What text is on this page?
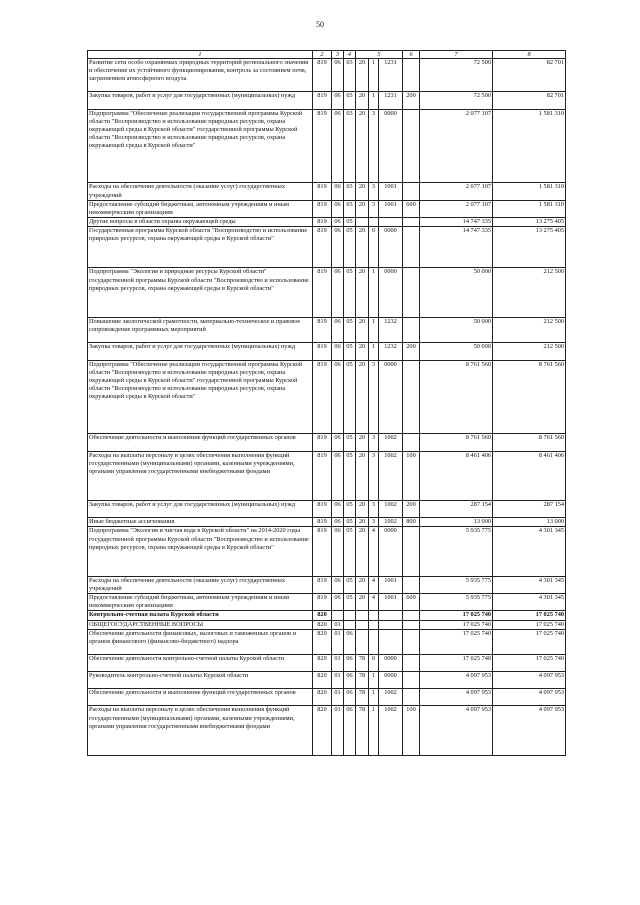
50
1	2	3	4	5			6	7	8
Развитие сети особо охраняемых природных территорий регионального значения и обеспечение их устойчивого функционирования, контроль за состоянием почв, загрязнением атмосферного воздуха	819	06	03	20	1	1231		72 500	82 701
Закупка товаров, работ и услуг для государственных (муниципальных) нужд	819	06	03	20	1	1231	200	72 500	82 701
Подпрограмма "Обеспечение реализации государственной программы Курской области "Воспроизводство и использование природных ресурсов, охрана окружающей среды в Курской области" государственной программы Курской области "Воспроизводство и использование природных ресурсов, охрана окружающей среды в Курской области"	819	06	03	20	3	0000		2 077 107	1 581 310
Расходы на обеспечение деятельности (оказание услуг) государственных учреждений	819	06	03	20	3	1001		2 077 107	1 581 310
Предоставление субсидий бюджетным, автономным учреждениям и иным некоммерческим организациям	819	06	03	20	3	1001	600	2 077 107	1 581 310
Другие вопросы в области охраны окружающей среды	819	06	05					14 747 335	13 275 405
Государственная программа Курской области "Воспроизводство и использование природных ресурсов, охрана окружающей среды в Курской области"	819	06	05	20	0	0000		14 747 335	13 275 405
Подпрограмма "Экология и природные ресурсы Курской области" государственной программы Курской области "Воспроизводство и использование природных ресурсов, охрана окружающей среды в Курской области"	819	06	05	20	1	0000		50 000	212 500
Повышение экологической грамотности, материально-техническое и правовое сопровождение программных мероприятий	819	06	05	20	1	1232		50 000	212 500
Закупка товаров, работ и услуг для государственных (муниципальных) нужд	819	06	05	20	1	1232	200	50 000	212 500
Подпрограмма "Обеспечение реализации государственной программы Курской области "Воспроизводство и использование природных ресурсов, охрана окружающей среды в Курской области" государственной программы Курской области "Воспроизводство и использование природных ресурсов, охрана окружающей среды в Курской области"	819	06	05	20	3	0000		8 761 560	8 761 560
Обеспечение деятельности и выполнение функций государственных органов	819	06	05	20	3	1002		8 761 560	8 761 560
Расходы на выплаты персоналу в целях обеспечения выполнения функций государственными (муниципальными) органами, казенными учреждениями, органами управления государственными внебюджетными фондами	819	06	05	20	3	1002	100	8 461 406	8 461 406
Закупка товаров, работ и услуг для государственных (муниципальных) нужд	819	06	05	20	3	1002	200	287 154	287 154
Иные бюджетные ассигнования	819	06	05	20	3	1002	800	13 000	13 000
Подпрограмма "Экология и чистая вода в Курской области" на 2014-2020 годы государственной программы Курской области "Воспроизводство и использование природных ресурсов, охрана окружающей среды в Курской области"	819	06	05	20	4	0000		5 935 775	4 301 345
Расходы на обеспечение деятельности (оказание услуг) государственных учреждений	819	06	05	20	4	1001		5 935 775	4 301 345
Предоставление субсидий бюджетным, автономным учреждениям и иным некоммерческим организациям	819	06	05	20	4	1001	600	5 935 775	4 301 345
Контрольно-счетная палата Курской области	820							17 025 740	17 025 740
ОБЩЕГОСУДАРСТВЕННЫЕ ВОПРОСЫ	820	01						17 025 740	17 025 740
Обеспечение деятельности финансовых, налоговых и таможенных органов и органов финансового (финансово-бюджетного) надзора	820	01	06					17 025 740	17 025 740
Обеспечение деятельности контрольно-счетной палаты Курской области	820	01	06	78	0	0000		17 025 740	17 025 740
Руководитель контрольно-счетной палаты Курской области	820	01	06	78	1	0000		4 097 953	4 097 953
Обеспечение деятельности и выполнение функций государственных органов	820	01	06	78	1	1002		4 097 953	4 097 953
Расходы на выплаты персоналу в целях обеспечения выполнения функций государственными (муниципальными) органами, казенными учреждениями, органами управления государственными внебюджетными фондами	820	01	06	78	1	1002	100	4 097 953	4 097 953
